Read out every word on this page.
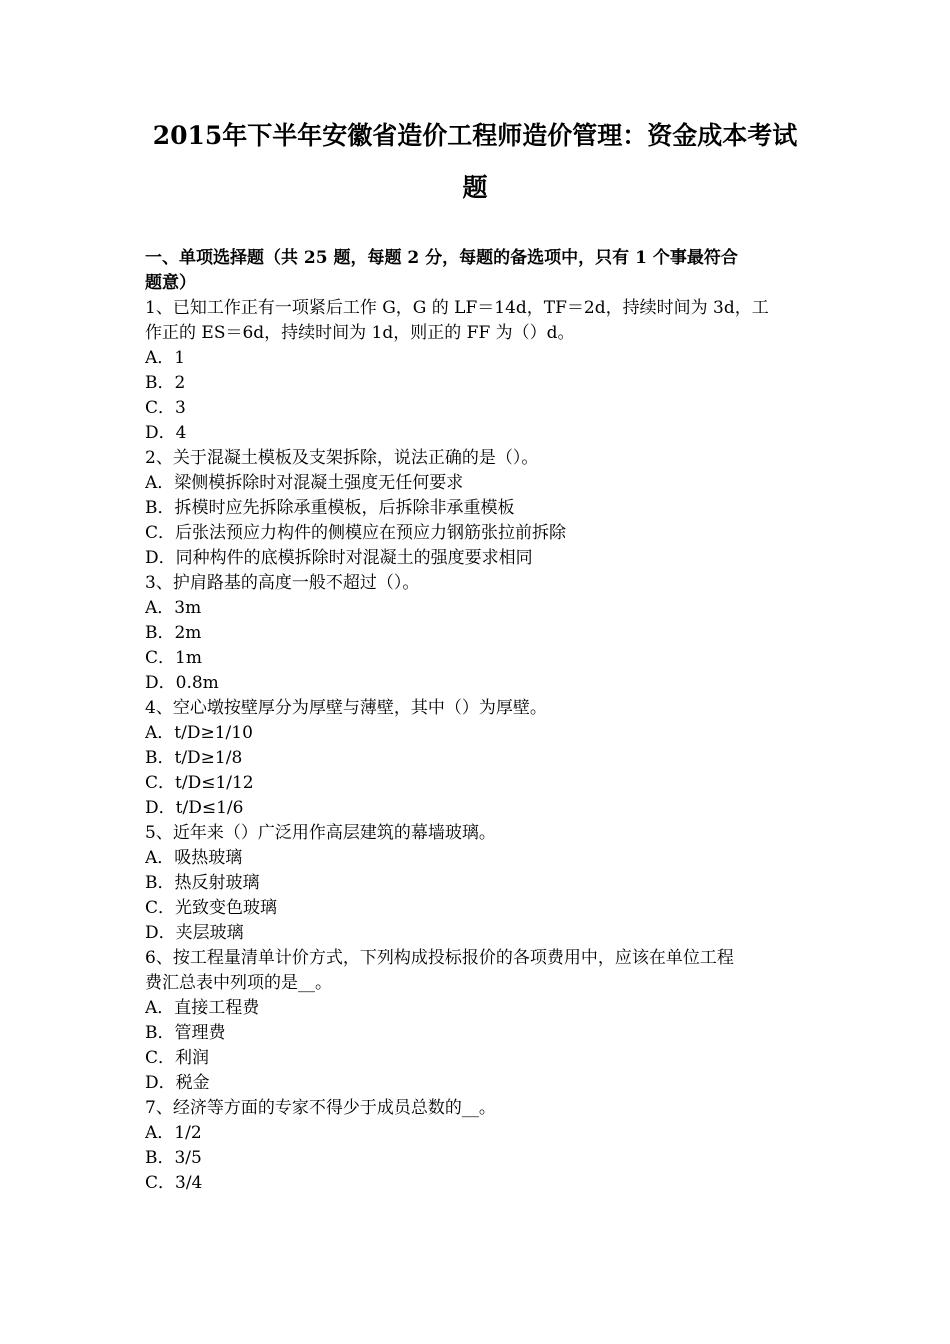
2015年下半年安徽省造价工程师造价管理：资金成本考试
题
一、单项选择题（共 25 题，每题 2 分，每题的备选项中，只有 1 个事最符合
题意）
1、已知工作正有一项紧后工作 G，G 的 LF＝14d，TF＝2d，持续时间为 3d，工
作正的 ES＝6d，持续时间为 1d，则正的 FF 为（）d。
A．1
B．2
C．3
D．4
2、关于混凝土模板及支架拆除，说法正确的是（）。
A．梁侧模拆除时对混凝土强度无任何要求
B．拆模时应先拆除承重模板，后拆除非承重模板
C．后张法预应力构件的侧模应在预应力钢筋张拉前拆除
D．同种构件的底模拆除时对混凝土的强度要求相同
3、护肩路基的高度一般不超过（）。
A．3m
B．2m
C．1m
D．0.8m
4、空心墩按壁厚分为厚壁与薄壁，其中（）为厚壁。
A．t/D≥1/10
B．t/D≥1/8
C．t/D≤1/12
D．t/D≤1/6
5、近年来（）广泛用作高层建筑的幕墙玻璃。
A．吸热玻璃
B．热反射玻璃
C．光致变色玻璃
D．夹层玻璃
6、按工程量清单计价方式，下列构成投标报价的各项费用中，应该在单位工程
费汇总表中列项的是__。
A．直接工程费
B．管理费
C．利润
D．税金
7、经济等方面的专家不得少于成员总数的__。
A．1/2
B．3/5
C．3/4
